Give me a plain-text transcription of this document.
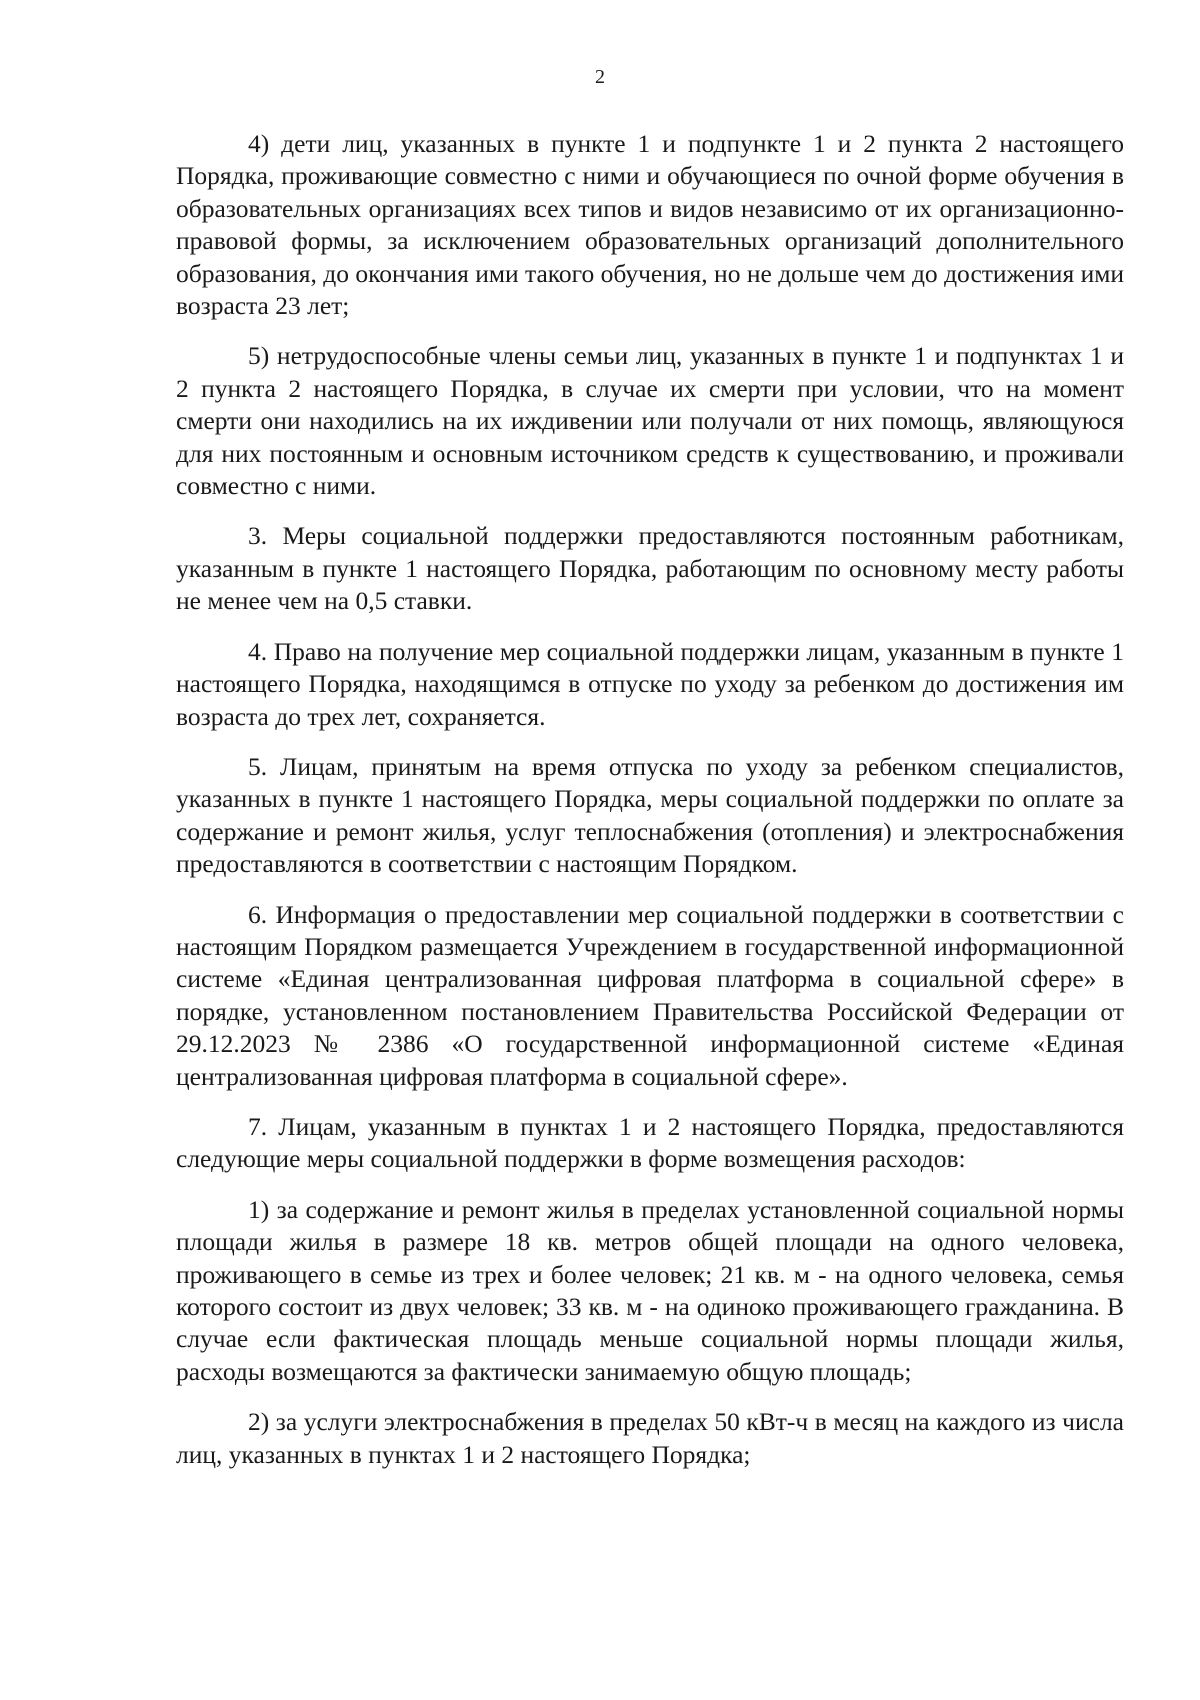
2

4) дети лиц, указанных в пункте 1 и подпункте 1 и 2 пункта 2 настоящего Порядка, проживающие совместно с ними и обучающиеся по очной форме обучения в образовательных организациях всех типов и видов независимо от их организационно-правовой формы, за исключением образовательных организаций дополнительного образования, до окончания ими такого обучения, но не дольше чем до достижения ими возраста 23 лет;

5) нетрудоспособные члены семьи лиц, указанных в пункте 1 и подпунктах 1 и 2 пункта 2 настоящего Порядка, в случае их смерти при условии, что на момент смерти они находились на их иждивении или получали от них помощь, являющуюся для них постоянным и основным источником средств к существованию, и проживали совместно с ними.

3. Меры социальной поддержки предоставляются постоянным работникам, указанным в пункте 1 настоящего Порядка, работающим по основному месту работы не менее чем на 0,5 ставки.

4. Право на получение мер социальной поддержки лицам, указанным в пункте 1 настоящего Порядка, находящимся в отпуске по уходу за ребенком до достижения им возраста до трех лет, сохраняется.

5. Лицам, принятым на время отпуска по уходу за ребенком специалистов, указанных в пункте 1 настоящего Порядка, меры социальной поддержки по оплате за содержание и ремонт жилья, услуг теплоснабжения (отопления) и электроснабжения предоставляются в соответствии с настоящим Порядком.

6. Информация о предоставлении мер социальной поддержки в соответствии с настоящим Порядком размещается Учреждением в государственной информационной системе «Единая централизованная цифровая платформа в социальной сфере» в порядке, установленном постановлением Правительства Российской Федерации от 29.12.2023 № 2386 «О государственной информационной системе «Единая централизованная цифровая платформа в социальной сфере».

7. Лицам, указанным в пунктах 1 и 2 настоящего Порядка, предоставляются следующие меры социальной поддержки в форме возмещения расходов:

1) за содержание и ремонт жилья в пределах установленной социальной нормы площади жилья в размере 18 кв. метров общей площади на одного человека, проживающего в семье из трех и более человек; 21 кв. м - на одного человека, семья которого состоит из двух человек; 33 кв. м - на одиноко проживающего гражданина. В случае если фактическая площадь меньше социальной нормы площади жилья, расходы возмещаются за фактически занимаемую общую площадь;

2) за услуги электроснабжения в пределах 50 кВт-ч в месяц на каждого из числа лиц, указанных в пунктах 1 и 2 настоящего Порядка;
